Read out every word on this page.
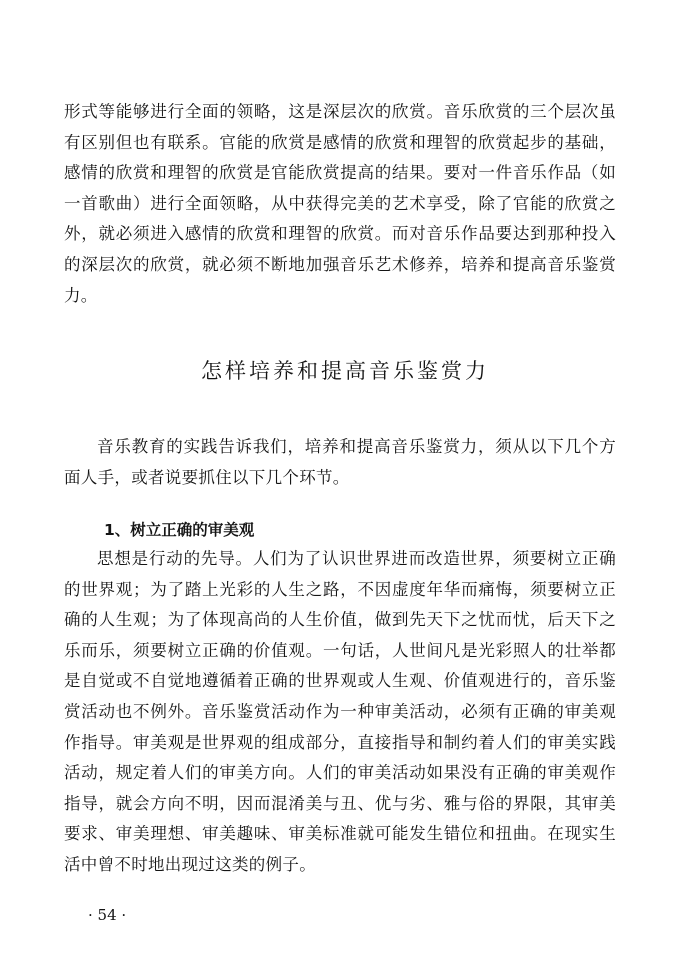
形式等能够进行全面的领略，这是深层次的欣赏。音乐欣赏的三个层次虽有区别但也有联系。官能的欣赏是感情的欣赏和理智的欣赏起步的基础，感情的欣赏和理智的欣赏是官能欣赏提高的结果。要对一件音乐作品（如一首歌曲）进行全面领略，从中获得完美的艺术享受，除了官能的欣赏之外，就必须进入感情的欣赏和理智的欣赏。而对音乐作品要达到那种投入的深层次的欣赏，就必须不断地加强音乐艺术修养，培养和提高音乐鉴赏力。

怎样培养和提高音乐鉴赏力

音乐教育的实践告诉我们，培养和提高音乐鉴赏力，须从以下几个方面人手，或者说要抓住以下几个环节。

1、树立正确的审美观

思想是行动的先导。人们为了认识世界进而改造世界，须要树立正确的世界观；为了踏上光彩的人生之路，不因虚度年华而痛悔，须要树立正确的人生观；为了体现高尚的人生价值，做到先天下之忧而忧，后天下之乐而乐，须要树立正确的价值观。一句话，人世间凡是光彩照人的壮举都是自觉或不自觉地遵循着正确的世界观或人生观、价值观进行的，音乐鉴赏活动也不例外。音乐鉴赏活动作为一种审美活动，必须有正确的审美观作指导。审美观是世界观的组成部分，直接指导和制约着人们的审美实践活动，规定着人们的审美方向。人们的审美活动如果没有正确的审美观作指导，就会方向不明，因而混淆美与丑、优与劣、雅与俗的界限，其审美要求、审美理想、审美趣味、审美标准就可能发生错位和扭曲。在现实生活中曾不时地出现过这类的例子。

· 54 ·
